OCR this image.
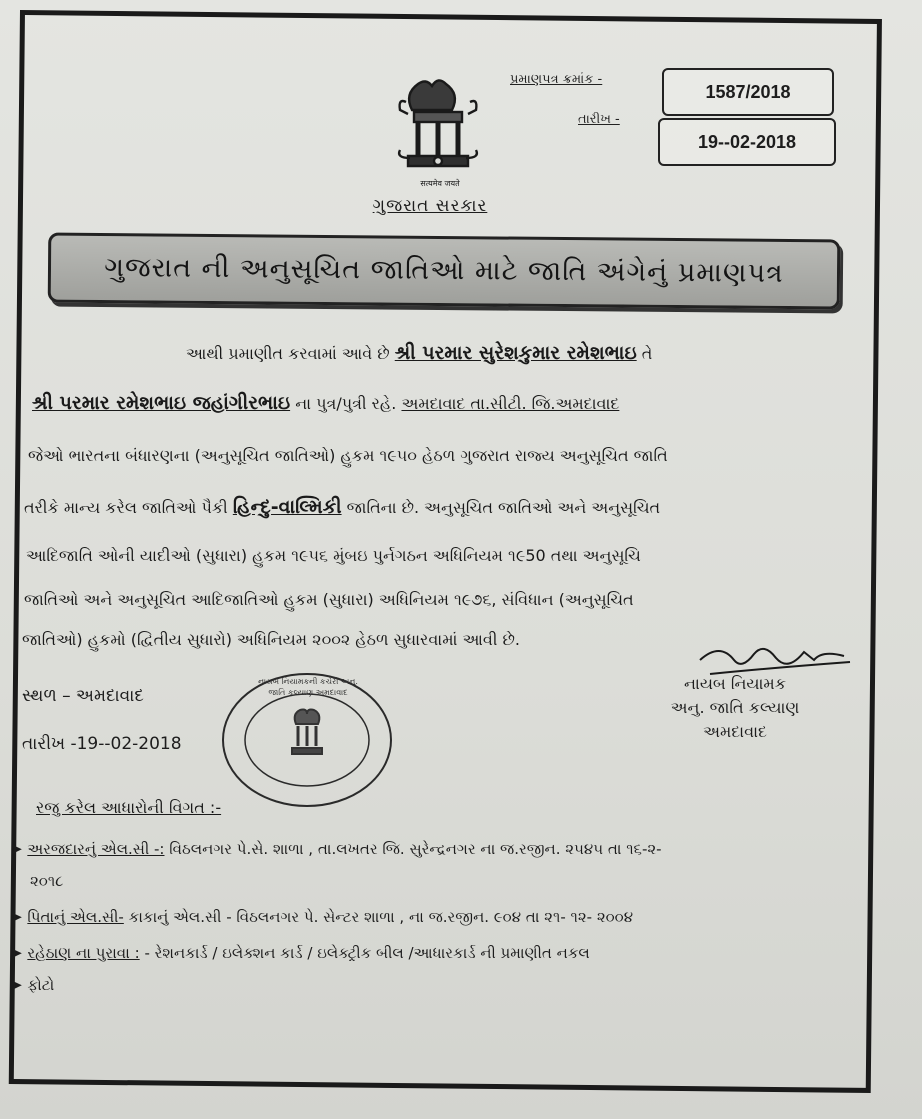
सत्यमेव जयते
ગુજરાત સરકાર
પ્રમાણપત્ર ક્રમાંક -
1587/2018
તારીખ -
19--02-2018
ગુજરાત ની અનુસૂચિત જાતિઓ માટે જાતિ અંગેનું પ્રમાણપત્ર
આથી પ્રમાણીત કરવામાં આવે છે શ્રી પરમાર સુરેશકુમાર રમેશભાઇ તે
શ્રી પરમાર રમેશભાઇ જહાંગીરભાઇ ના પુત્ર/પુત્રી રહે. અમદાવાદ તા.સીટી. જિ.અમદાવાદ
જેઓ ભારતના બંધારણના (અનુસૂચિત જાતિઓ) હુકમ ૧૯૫૦ હેઠળ ગુજરાત રાજ્ય અનુસૂચિત જાતિ
તરીકે માન્ય કરેલ જાતિઓ પૈકી હિન્દુ-વાલ્મિકી જાતિના છે. અનુસૂચિત જાતિઓ અને અનુસૂચિત
આદિજાતિ ઓની યાદીઓ (સુધારા) હુકમ ૧૯૫૬ મુંબઇ પુર્નગઠન અધિનિયમ ૧૯50 તથા અનુસૂચિ
જાતિઓ અને અનુસૂચિત આદિજાતિઓ હુકમ (સુધારા) અધિનિયમ ૧૯૭૬, સંવિધાન (અનુસૂચિત
જાતિઓ) હુકમો (દ્વિતીય સુધારો) અધિનિયમ ૨૦૦૨ હેઠળ સુધારવામાં આવી છે.
નાયબ નિયામક
અનુ. જાતિ કલ્યાણ
અમદાવાદ
સ્થળ – અમદાવાદ
તારીખ -19--02-2018
નાયબ નિયામકની કચેરી અનુ. જાતિ કલ્યાણ અમદાવાદ
રજુ કરેલ આધારોની વિગત :-
➤ અરજદારનું એલ.સી -: વિઠલનગર પે.સે. શાળા , તા.લખતર જિ. સુરેન્દ્રનગર ના જ.રજીન. ૨૫૪૫ તા ૧૬-૨-
૨૦૧૮
➤ પિતાનું એલ.સી- કાકાનું એલ.સી - વિઠલનગર પે. સેન્ટર શાળા , ના જ.રજીન. ૯૦૪ તા ૨૧- ૧૨- ૨૦૦૪
➤ રહેઠાણ ના પુરાવા : - રેશનકાર્ડ / ઇલેક્શન કાર્ડ / ઇલેક્ટ્રીક બીલ /આધારકાર્ડ ની પ્રમાણીત નકલ
➤ ફોટો
